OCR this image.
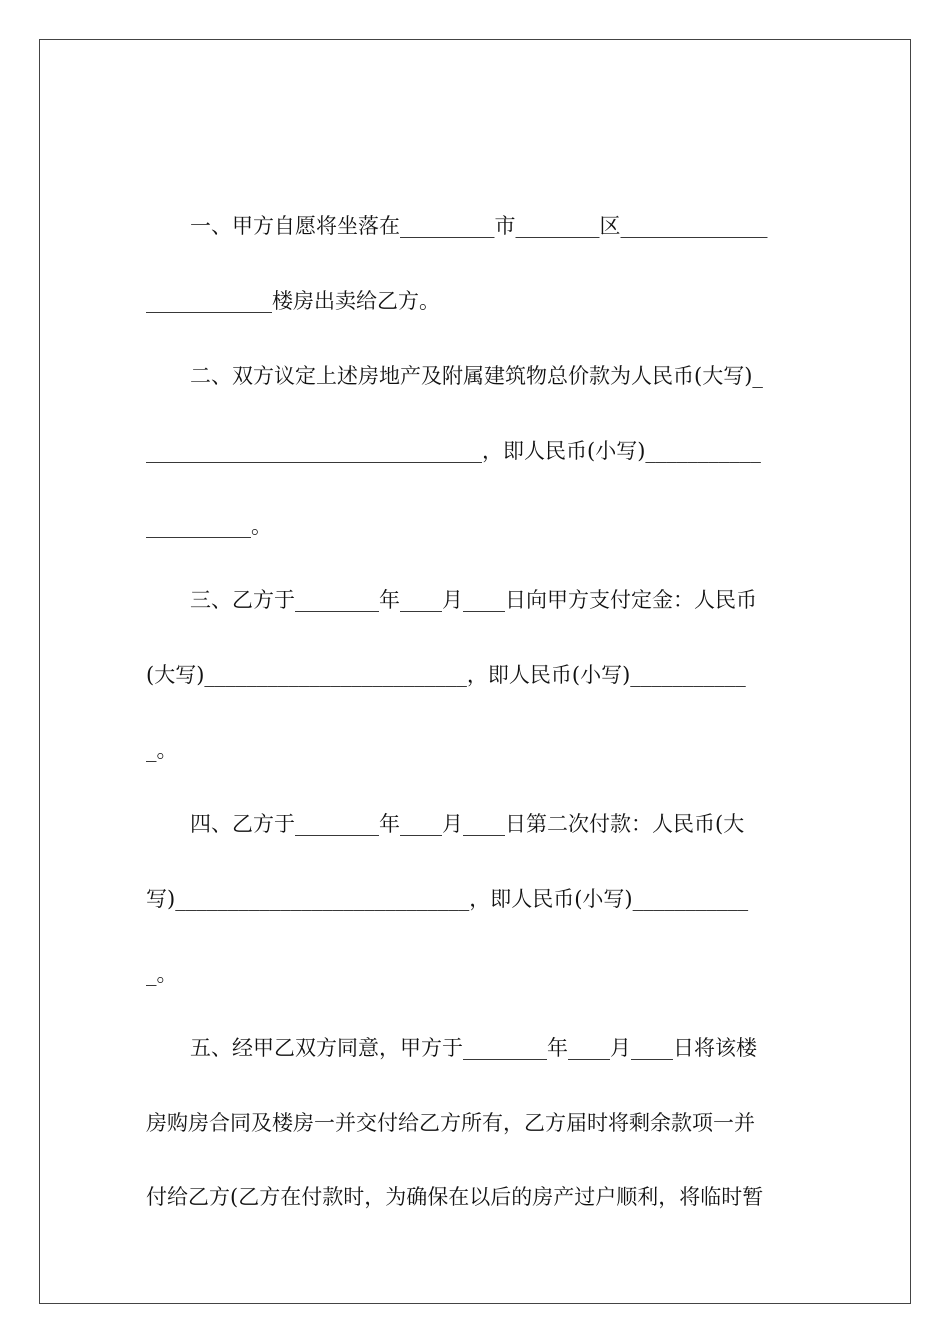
一、甲方自愿将坐落在_________市________区______________
____________楼房出卖给乙方。
二、双方议定上述房地产及附属建筑物总价款为人民币(大写)_
________________________________，即人民币(小写)___________
__________。
三、乙方于________年____月____日向甲方支付定金：人民币
(大写)_________________________，即人民币(小写)___________
_。
四、乙方于________年____月____日第二次付款：人民币(大
写)____________________________，即人民币(小写)___________
_。
五、经甲乙双方同意，甲方于________年____月____日将该楼
房购房合同及楼房一并交付给乙方所有，乙方届时将剩余款项一并
付给乙方(乙方在付款时，为确保在以后的房产过户顺利，将临时暂
